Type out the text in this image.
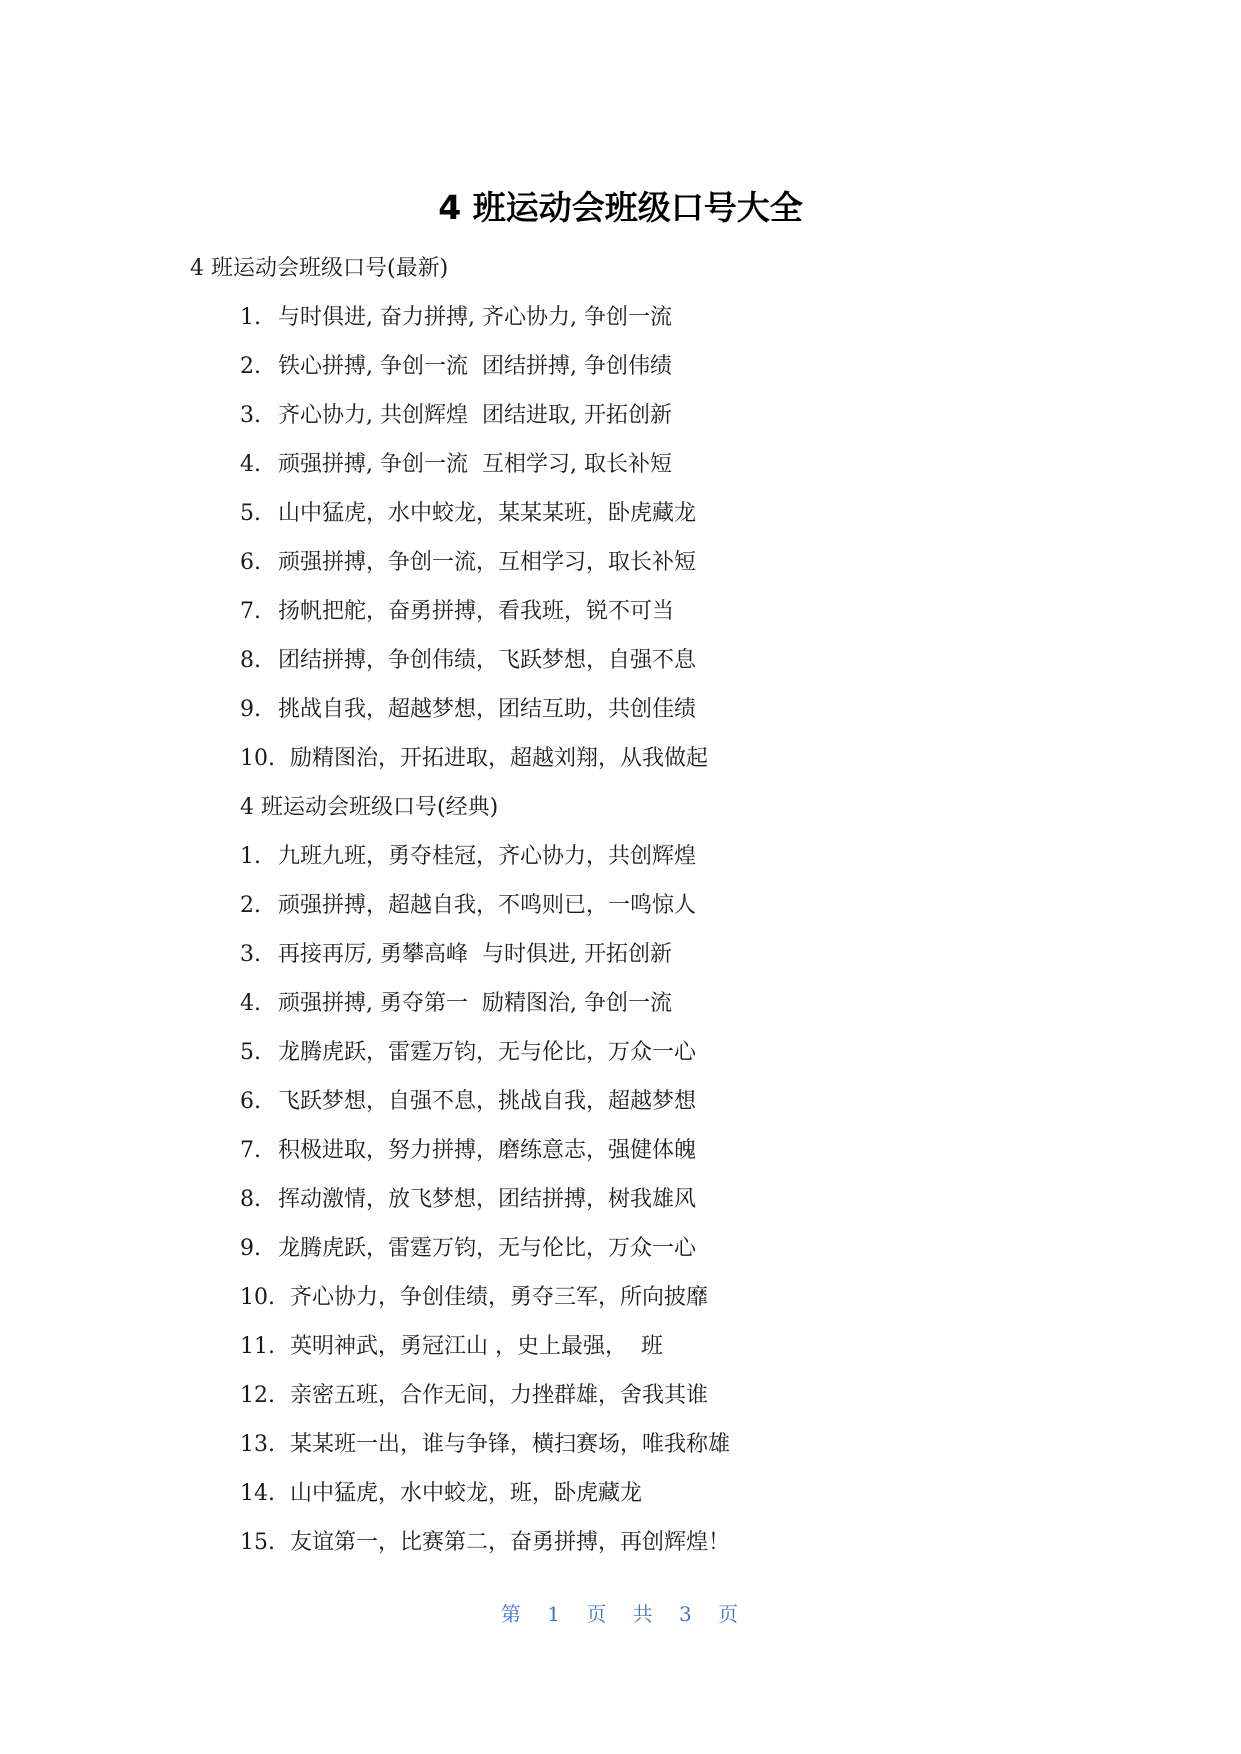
4 班运动会班级口号大全
4 班运动会班级口号(最新)
1. 与时俱进, 奋力拼搏, 齐心协力, 争创一流
2. 铁心拼搏, 争创一流  团结拼搏, 争创伟绩
3. 齐心协力, 共创辉煌  团结进取, 开拓创新
4. 顽强拼搏, 争创一流  互相学习, 取长补短
5. 山中猛虎，水中蛟龙，某某某班，卧虎藏龙
6. 顽强拼搏，争创一流，互相学习，取长补短
7. 扬帆把舵，奋勇拼搏，看我班，锐不可当
8. 团结拼搏，争创伟绩，飞跃梦想，自强不息
9. 挑战自我，超越梦想，团结互助，共创佳绩
10. 励精图治，开拓进取，超越刘翔，从我做起
4 班运动会班级口号(经典)
1. 九班九班，勇夺桂冠，齐心协力，共创辉煌
2. 顽强拼搏，超越自我，不鸣则已，一鸣惊人
3. 再接再厉, 勇攀高峰  与时俱进, 开拓创新
4. 顽强拼搏, 勇夺第一  励精图治, 争创一流
5. 龙腾虎跃，雷霆万钧，无与伦比，万众一心
6. 飞跃梦想，自强不息，挑战自我，超越梦想
7. 积极进取，努力拼搏，磨练意志，强健体魄
8. 挥动激情，放飞梦想，团结拼搏，树我雄风
9. 龙腾虎跃，雷霆万钧，无与伦比，万众一心
10. 齐心协力，争创佳绩，勇夺三军，所向披靡
11. 英明神武，勇冠江山 ，史上最强，  班
12. 亲密五班，合作无间，力挫群雄，舍我其谁
13. 某某班一出，谁与争锋，横扫赛场，唯我称雄
14. 山中猛虎，水中蛟龙，班，卧虎藏龙
15. 友谊第一，比赛第二，奋勇拼搏，再创辉煌！
第 1 页 共 3 页
